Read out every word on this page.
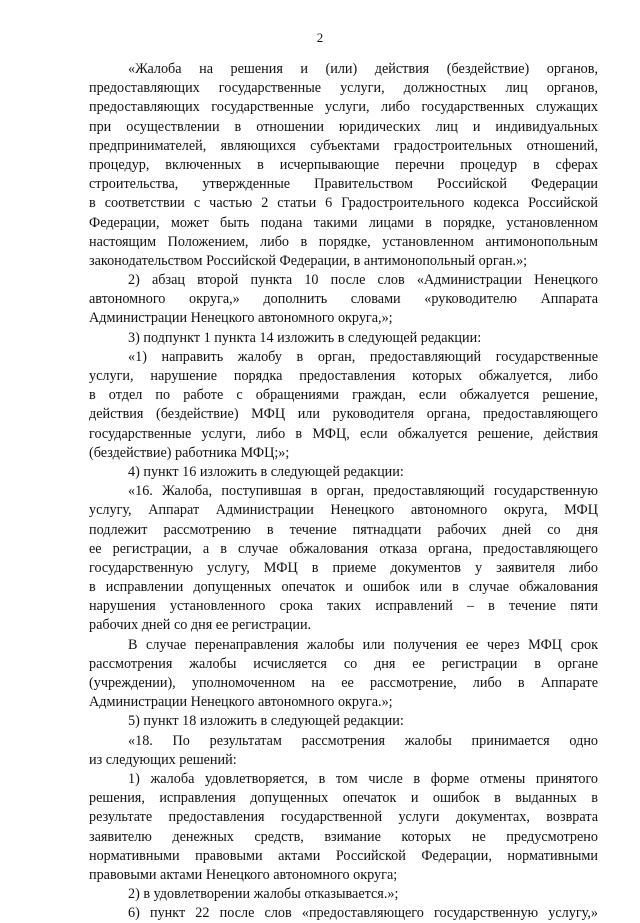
2
«Жалоба на решения и (или) действия (бездействие) органов,
предоставляющих государственные услуги, должностных лиц органов,
предоставляющих государственные услуги, либо государственных служащих
при осуществлении в отношении юридических лиц и индивидуальных
предпринимателей, являющихся субъектами градостроительных отношений,
процедур, включенных в исчерпывающие перечни процедур в сферах
строительства, утвержденные Правительством Российской Федерации
в соответствии с частью 2 статьи 6 Градостроительного кодекса Российской
Федерации, может быть подана такими лицами в порядке, установленном
настоящим Положением, либо в порядке, установленном антимонопольным
законодательством Российской Федерации, в антимонопольный орган.»;
2) абзац второй пункта 10 после слов «Администрации Ненецкого
автономного округа,» дополнить словами «руководителю Аппарата
Администрации Ненецкого автономного округа,»;
3) подпункт 1 пункта 14 изложить в следующей редакции:
«1) направить жалобу в орган, предоставляющий государственные
услуги, нарушение порядка предоставления которых обжалуется, либо
в отдел по работе с обращениями граждан, если обжалуется решение,
действия (бездействие) МФЦ или руководителя органа, предоставляющего
государственные услуги, либо в МФЦ, если обжалуется решение, действия
(бездействие) работника МФЦ;»;
4) пункт 16 изложить в следующей редакции:
«16. Жалоба, поступившая в орган, предоставляющий государственную
услугу, Аппарат Администрации Ненецкого автономного округа, МФЦ
подлежит рассмотрению в течение пятнадцати рабочих дней со дня
ее регистрации, а в случае обжалования отказа органа, предоставляющего
государственную услугу, МФЦ в приеме документов у заявителя либо
в исправлении допущенных опечаток и ошибок или в случае обжалования
нарушения установленного срока таких исправлений – в течение пяти
рабочих дней со дня ее регистрации.
В случае перенаправления жалобы или получения ее через МФЦ срок
рассмотрения жалобы исчисляется со дня ее регистрации в органе
(учреждении), уполномоченном на ее рассмотрение, либо в Аппарате
Администрации Ненецкого автономного округа.»;
5) пункт 18 изложить в следующей редакции:
«18. По результатам рассмотрения жалобы принимается одно
из следующих решений:
1) жалоба удовлетворяется, в том числе в форме отмены принятого
решения, исправления допущенных опечаток и ошибок в выданных в
результате предоставления государственной услуги документах, возврата
заявителю денежных средств, взимание которых не предусмотрено
нормативными правовыми актами Российской Федерации, нормативными
правовыми актами Ненецкого автономного округа;
2) в удовлетворении жалобы отказывается.»;
6) пункт 22 после слов «предоставляющего государственную услугу,»
